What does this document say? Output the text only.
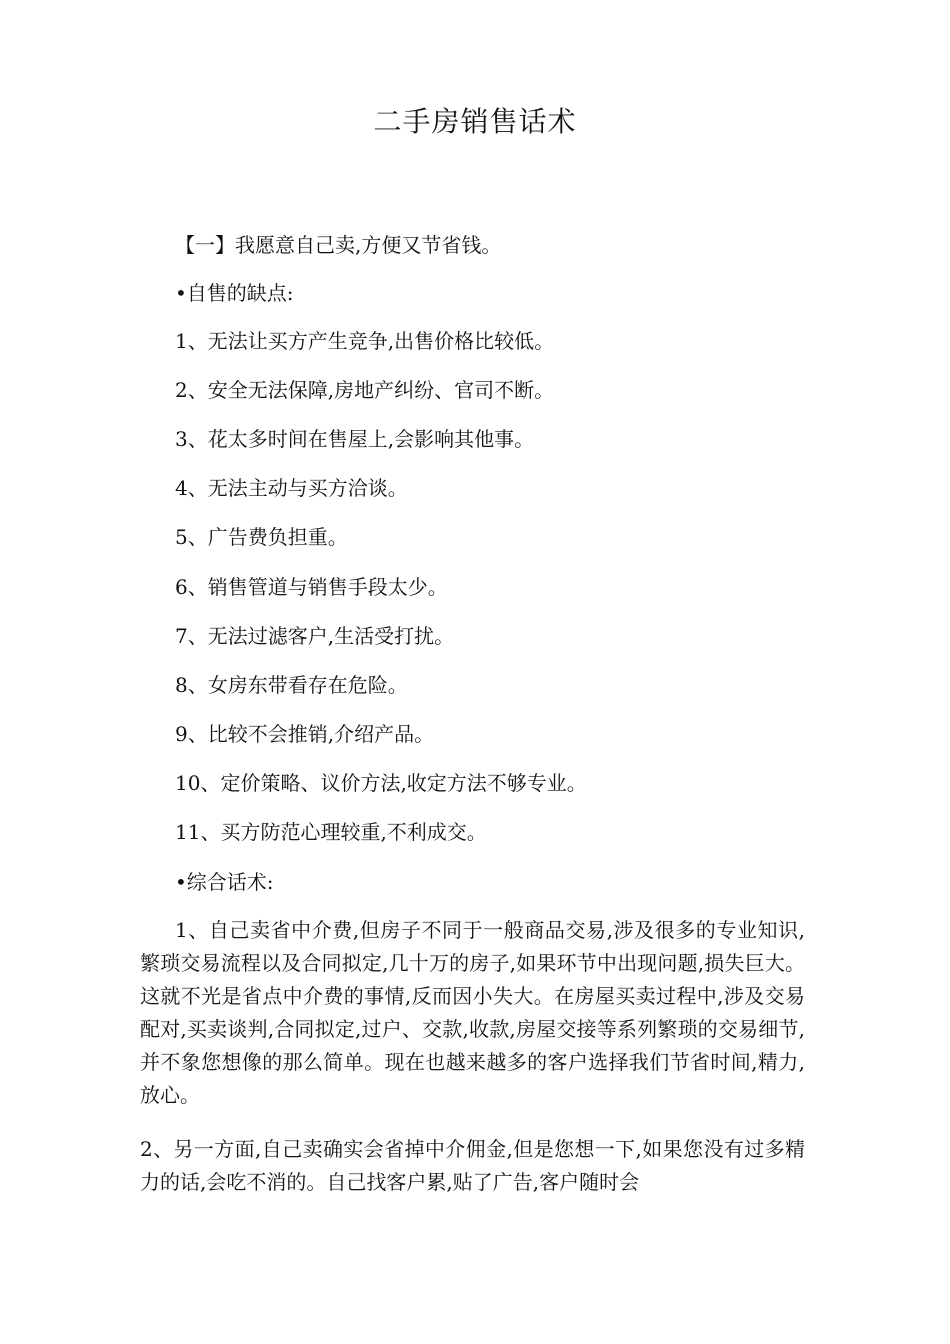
二手房销售话术

【一】我愿意自己卖,方便又节省钱。

•自售的缺点:

1、无法让买方产生竞争,出售价格比较低。

2、安全无法保障,房地产纠纷、官司不断。

3、花太多时间在售屋上,会影响其他事。

4、无法主动与买方洽谈。

5、广告费负担重。

6、销售管道与销售手段太少。

7、无法过滤客户,生活受打扰。

8、女房东带看存在危险。

9、比较不会推销,介绍产品。

10、定价策略、议价方法,收定方法不够专业。

11、买方防范心理较重,不利成交。

•综合话术:

1、自己卖省中介费,但房子不同于一般商品交易,涉及很多的专业知识,繁琐交易流程以及合同拟定,几十万的房子,如果环节中出现问题,损失巨大。这就不光是省点中介费的事情,反而因小失大。在房屋买卖过程中,涉及交易配对,买卖谈判,合同拟定,过户、交款,收款,房屋交接等系列繁琐的交易细节,并不象您想像的那么简单。现在也越来越多的客户选择我们节省时间,精力,放心。

2、另一方面,自己卖确实会省掉中介佣金,但是您想一下,如果您没有过多精力的话,会吃不消的。自己找客户累,贴了广告,客户随时会
